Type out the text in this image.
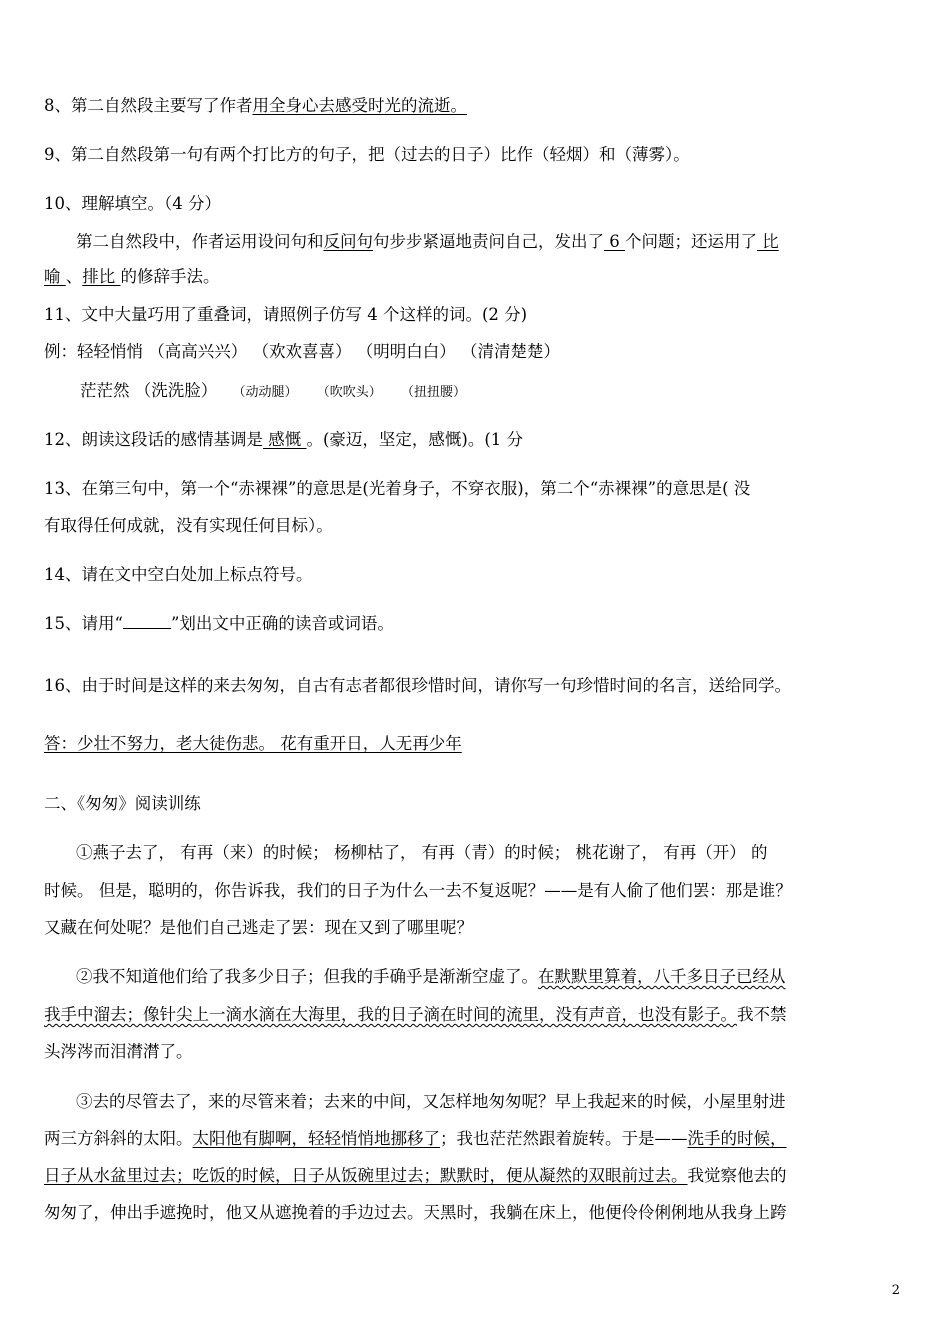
8、第二自然段主要写了作者用全身心去感受时光的流逝。
9、第二自然段第一句有两个打比方的句子，把（过去的日子）比作（轻烟）和（薄雾）。
10、理解填空。（4 分）
第二自然段中，作者运用设问句和反问句句步步紧逼地责问自己，发出了 6 个问题；还运用了 比
喻 、排比 的修辞手法。
11、文中大量巧用了重叠词，请照例子仿写 4 个这样的词。(2 分)
例：轻轻悄悄 （高高兴兴） （欢欢喜喜） （明明白白） （清清楚楚）
茫茫然 （洗洗脸） （动动腿） （吹吹头） （扭扭腰）
12、朗读这段话的感情基调是 感慨 。(豪迈，坚定，感慨)。(1 分
13、在第三句中，第一个“赤裸裸”的意思是(光着身子，不穿衣服)，第二个“赤裸裸”的意思是( 没
有取得任何成就，没有实现任何目标）。
14、请在文中空白处加上标点符号。
15、请用“	”划出文中正确的读音或词语。
16、由于时间是这样的来去匆匆，自古有志者都很珍惜时间，请你写一句珍惜时间的名言，送给同学。
答：少壮不努力，老大徒伤悲。 花有重开日，人无再少年
二、《匆匆》阅读训练
①燕子去了， 有再（来）的时候； 杨柳枯了， 有再（青）的时候； 桃花谢了， 有再（开） 的
时候。 但是，聪明的，你告诉我，我们的日子为什么一去不复返呢？——是有人偷了他们罢：那是谁？
又藏在何处呢？是他们自己逃走了罢：现在又到了哪里呢？
②我不知道他们给了我多少日子；但我的手确乎是渐渐空虚了。在默默里算着，八千多日子已经从
我手中溜去；像针尖上一滴水滴在大海里，我的日子滴在时间的流里，没有声音，也没有影子。我不禁
头涔涔而泪潸潸了。
③去的尽管去了，来的尽管来着；去来的中间，又怎样地匆匆呢？早上我起来的时候，小屋里射进
两三方斜斜的太阳。太阳他有脚啊，轻轻悄悄地挪移了；我也茫茫然跟着旋转。于是——洗手的时候，
日子从水盆里过去；吃饭的时候，日子从饭碗里过去；默默时，便从凝然的双眼前过去。我觉察他去的
匆匆了，伸出手遮挽时，他又从遮挽着的手边过去。天黑时，我躺在床上，他便伶伶俐俐地从我身上跨
2
